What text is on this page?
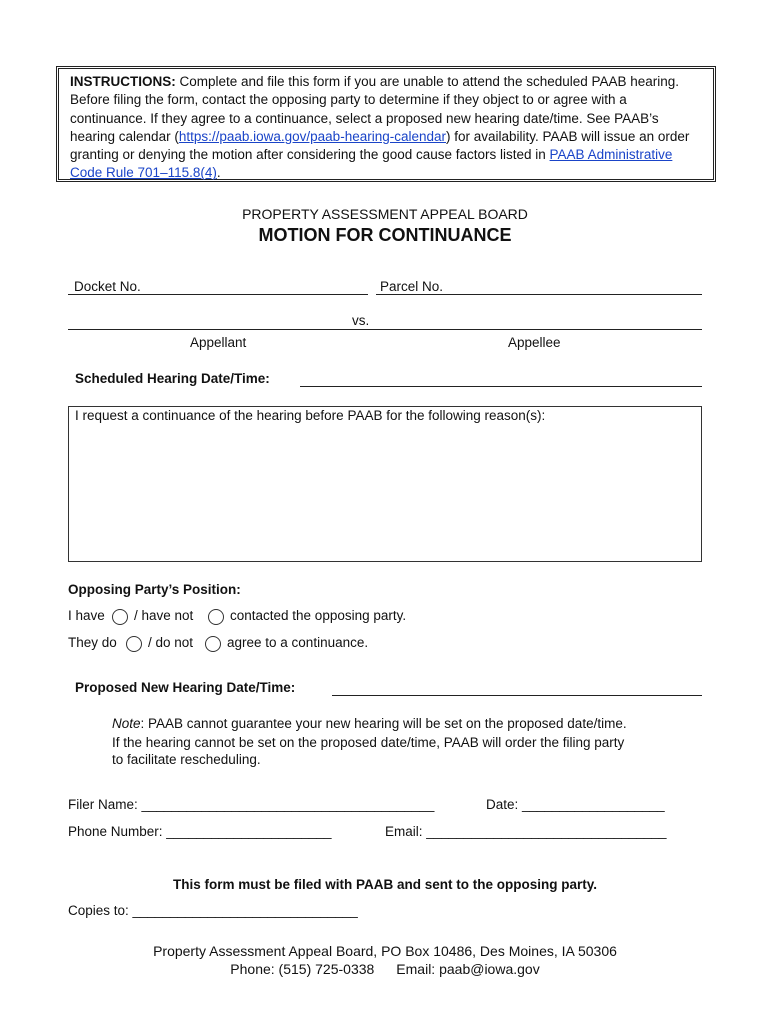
INSTRUCTIONS: Complete and file this form if you are unable to attend the scheduled PAAB hearing. Before filing the form, contact the opposing party to determine if they object to or agree with a continuance. If they agree to a continuance, select a proposed new hearing date/time. See PAAB’s hearing calendar (https://paab.iowa.gov/paab-hearing-calendar) for availability. PAAB will issue an order granting or denying the motion after considering the good cause factors listed in PAAB Administrative Code Rule 701–115.8(4).
PROPERTY ASSESSMENT APPEAL BOARD
MOTION FOR CONTINUANCE
Docket No.	Parcel No.
vs.
Appellant	Appellee
Scheduled Hearing Date/Time:
I request a continuance of the hearing before PAAB for the following reason(s):
Opposing Party’s Position:
I have / have not	contacted the opposing party.
They do / do not	agree to a continuance.
Proposed New Hearing Date/Time:
Note: PAAB cannot guarantee your new hearing will be set on the proposed date/time.
If the hearing cannot be set on the proposed date/time, PAAB will order the filing party
to facilitate rescheduling.
Filer Name: _______________________________________	Date: ___________________
Phone Number: ______________________	Email: ________________________________
This form must be filed with PAAB and sent to the opposing party.
Copies to: ______________________________
Property Assessment Appeal Board, PO Box 10486, Des Moines, IA 50306
Phone: (515) 725-0338 Email: paab@iowa.gov
